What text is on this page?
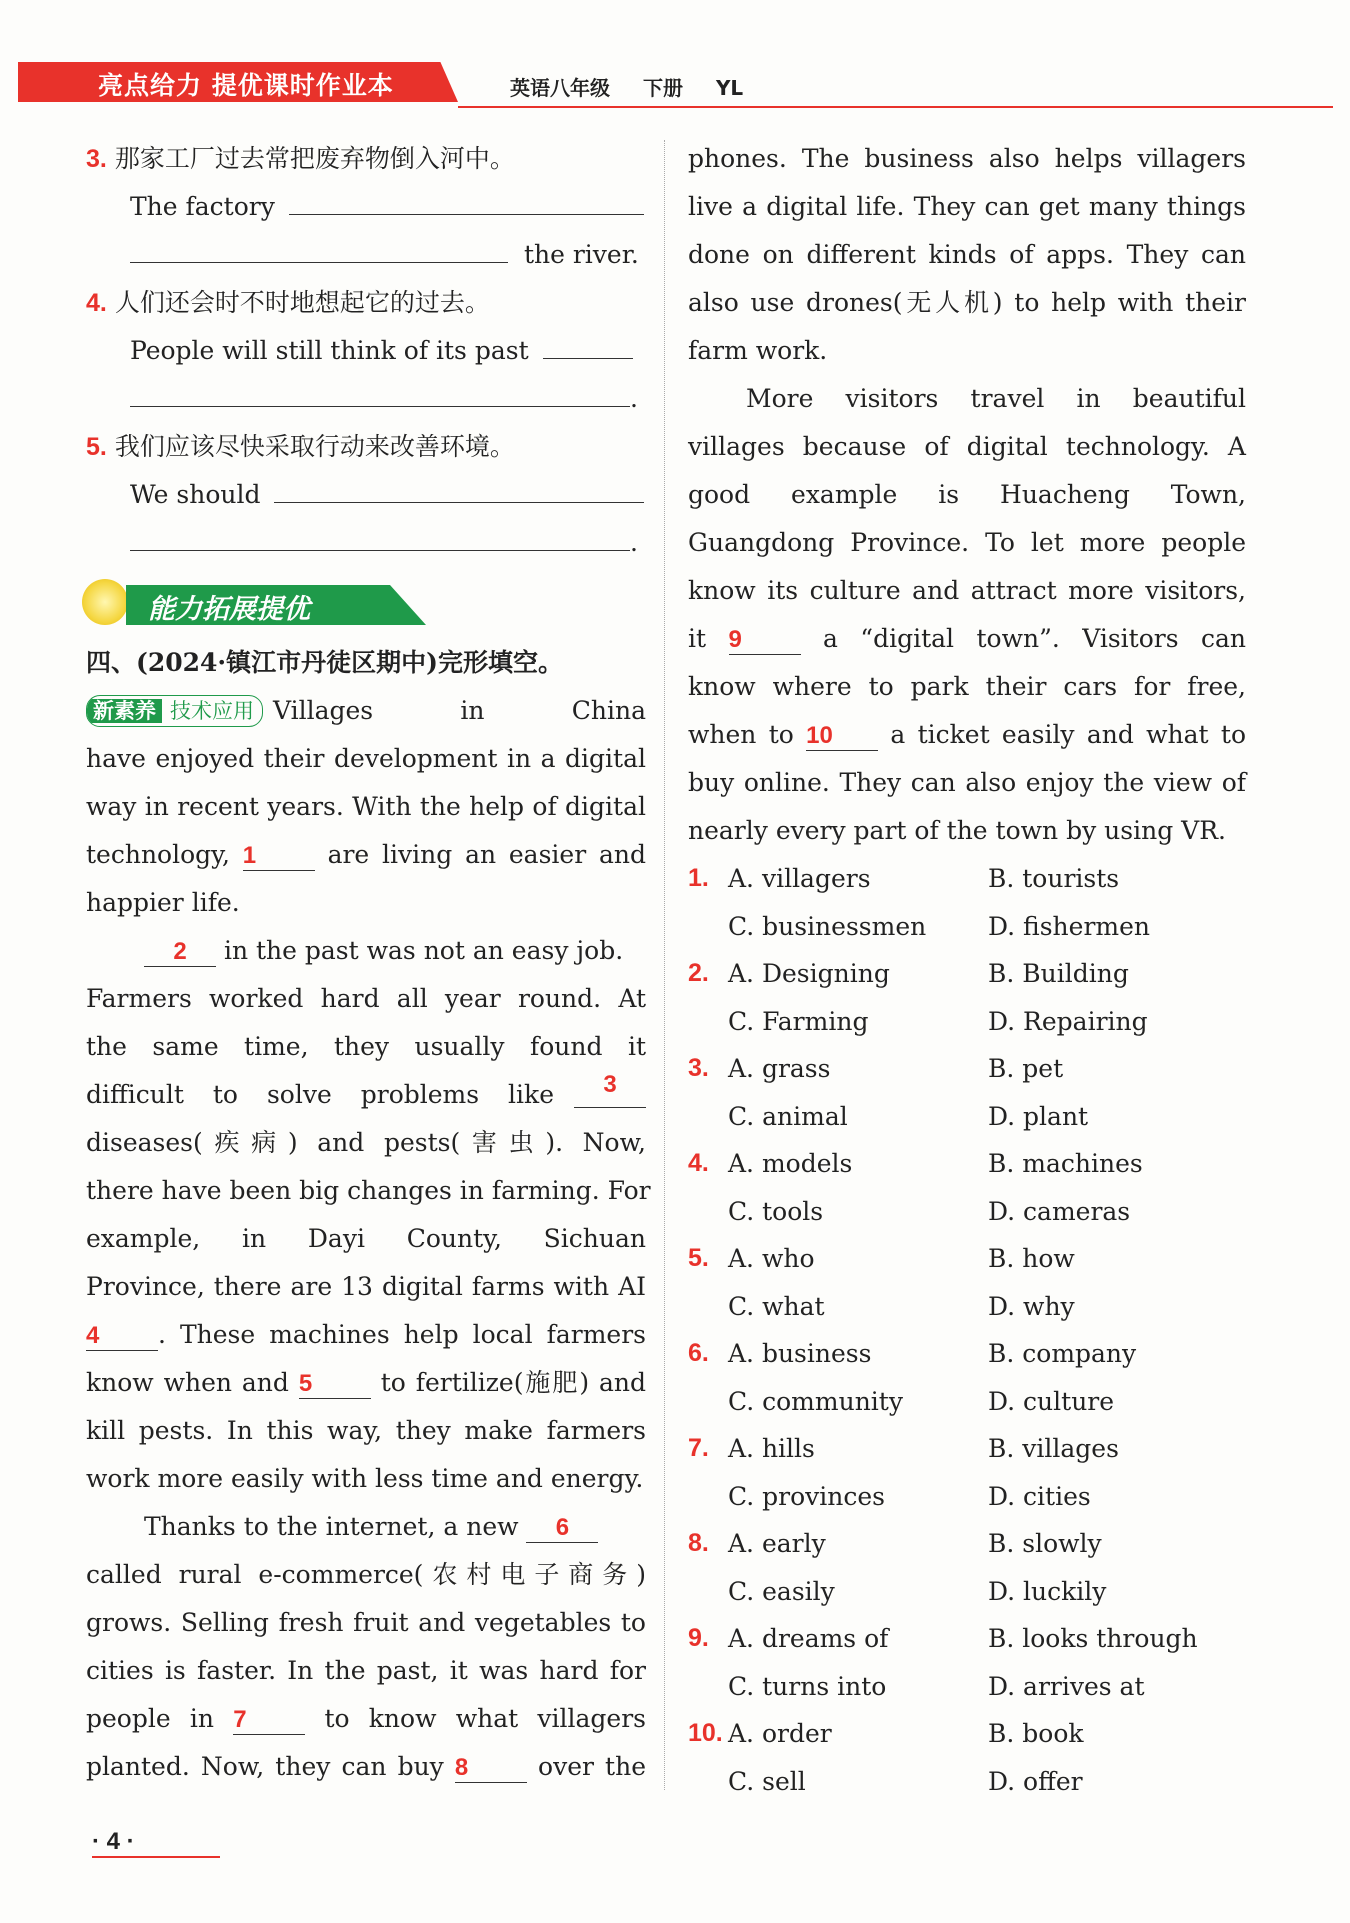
亮点给力 提优课时作业本	英语八年级 下册 YL
3. 那家工厂过去常把废弃物倒入河中。
The factory
the river.
4. 人们还会时不时地想起它的过去。
People will still think of its past
.
5. 我们应该尽快采取行动来改善环境。
We should
.
能力拓展提优
四、(2024·镇江市丹徒区期中)完形填空。
新素养 技术应用 Villages in China
have enjoyed their development in a digital
way in recent years. With the help of digital
technology, 1	are living an easier and
happier life.
2 in the past was not an easy job.
Farmers worked hard all year round. At
the same time, they usually found it
difficult to solve problems like	3
diseases(疾病) and pests(害虫). Now,
there have been big changes in farming. For
example, in Dayi County, Sichuan
Province, there are 13 digital farms with AI
4 . These machines help local farmers
know when and 5	to fertilize(施肥) and
kill pests. In this way, they make farmers
work more easily with less time and energy.
Thanks to the internet, a new 6
called rural e-commerce(农村电子商务)
grows. Selling fresh fruit and vegetables to
cities is faster. In the past, it was hard for
people in 7	to know what villagers
planted. Now, they can buy 8	over the
phones. The business also helps villagers
live a digital life. They can get many things
done on different kinds of apps. They can
also use drones(无人机) to help with their
farm work.
More visitors travel in beautiful
villages because of digital technology. A
good example is Huacheng Town,
Guangdong Province. To let more people
know its culture and attract more visitors,
it 9	a “digital town”. Visitors can
know where to park their cars for free,
when to 10 a ticket easily and what to
buy online. They can also enjoy the view of
nearly every part of the town by using VR.
1. A. villagers	B. tourists
C. businessmen D. fishermen
2. A. Designing	B. Building
C. Farming	D. Repairing
3. A. grass	B. pet
C. animal	D. plant
4. A. models	B. machines
C. tools	D. cameras
5. A. who	B. how
C. what	D. why
6. A. business	B. company
C. community	D. culture
7. A. hills	B. villages
C. provinces	D. cities
8. A. early	B. slowly
C. easily	D. luckily
9. A. dreams of	B. looks through
C. turns into	D. arrives at
10. A. order	B. book
C. sell	D. offer
· 4 ·
